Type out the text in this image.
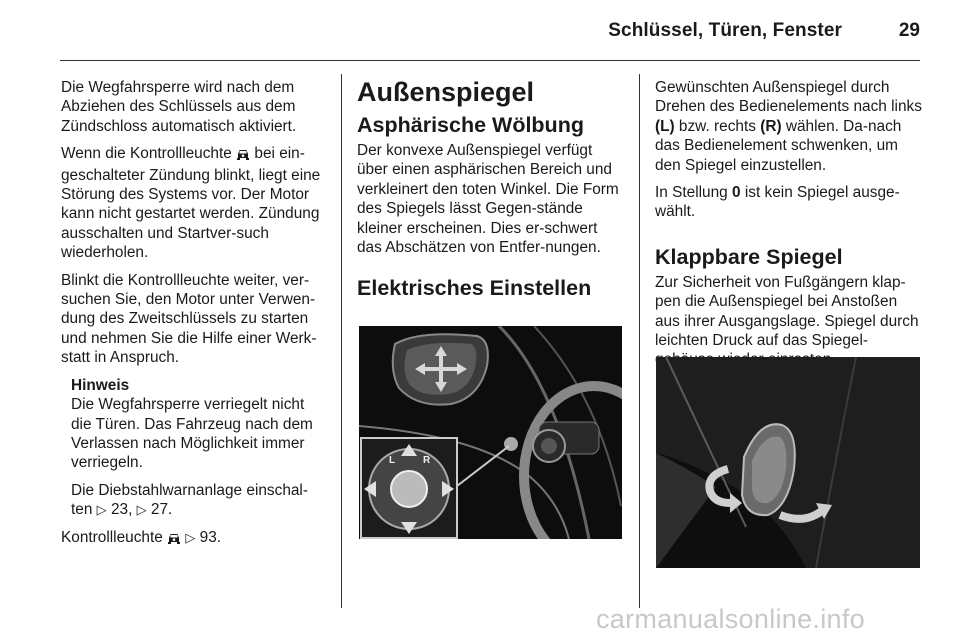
Schlüssel, Türen, Fenster	29

Die Wegfahrsperre wird nach dem Abziehen des Schlüssels aus dem Zündschloss automatisch aktiviert.

Wenn die Kontrollleuchte  bei ein-geschalteter Zündung blinkt, liegt eine Störung des Systems vor. Der Motor kann nicht gestartet werden. Zündung ausschalten und Startver-such wiederholen.

Blinkt die Kontrollleuchte weiter, ver-suchen Sie, den Motor unter Verwen-dung des Zweitschlüssels zu starten und nehmen Sie die Hilfe einer Werk-statt in Anspruch.

Hinweis

Die Wegfahrsperre verriegelt nicht die Türen. Das Fahrzeug nach dem Verlassen nach Möglichkeit immer verriegeln.

Die Diebstahlwarnanlage einschal-ten ▷ 23, ▷ 27.

Kontrollleuchte  ▷ 93.

Außenspiegel
Asphärische Wölbung

Der konvexe Außenspiegel verfügt über einen asphärischen Bereich und verkleinert den toten Winkel. Die Form des Spiegels lässt Gegen-stände kleiner erscheinen. Dies er-schwert das Abschätzen von Entfer-nungen.

Elektrisches Einstellen
L	R

Gewünschten Außenspiegel durch Drehen des Bedienelements nach links (L) bzw. rechts (R) wählen. Da-nach das Bedienelement schwenken, um den Spiegel einzustellen.

In Stellung 0 ist kein Spiegel ausge-wählt.

Klappbare Spiegel

Zur Sicherheit von Fußgängern klap-pen die Außenspiegel bei Anstoßen aus ihrer Ausgangslage. Spiegel durch leichten Druck auf das Spiegel-

carmanualsonline.info
